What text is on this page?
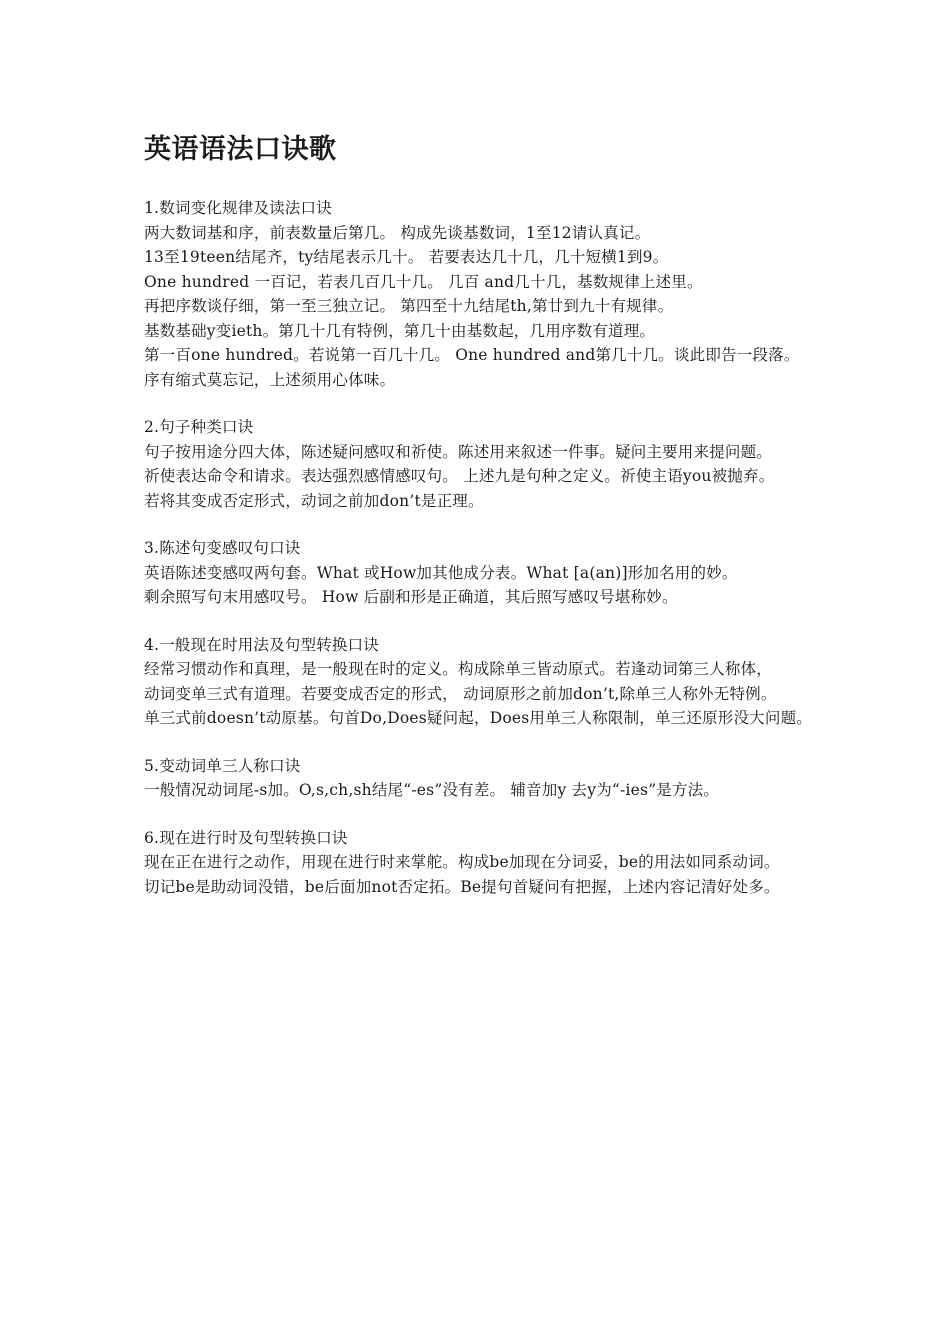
英语语法口诀歌

1.数词变化规律及读法口诀

两大数词基和序，前表数量后第几。 构成先谈基数词，1至12请认真记。

13至19teen结尾齐，ty结尾表示几十。 若要表达几十几，几十短横1到9。

One hundred 一百记，若表几百几十几。 几百 and几十几，基数规律上述里。

再把序数谈仔细，第一至三独立记。 第四至十九结尾th,第廿到九十有规律。

基数基础y变ieth。第几十几有特例，第几十由基数起，几用序数有道理。

第一百one hundred。若说第一百几十几。 One hundred and第几十几。谈此即告一段落。

序有缩式莫忘记，上述须用心体味。

2.句子种类口诀

句子按用途分四大体，陈述疑问感叹和祈使。陈述用来叙述一件事。疑问主要用来提问题。

祈使表达命令和请求。表达强烈感情感叹句。 上述九是句种之定义。祈使主语you被抛弃。

若将其变成否定形式，动词之前加don’t是正理。

3.陈述句变感叹句口诀

英语陈述变感叹两句套。What 或How加其他成分表。What [a(an)]形加名用的妙。

剩余照写句末用感叹号。 How 后副和形是正确道，其后照写感叹号堪称妙。

4.一般现在时用法及句型转换口诀

经常习惯动作和真理，是一般现在时的定义。构成除单三皆动原式。若逢动词第三人称体，

动词变单三式有道理。若要变成否定的形式， 动词原形之前加don’t,除单三人称外无特例。

单三式前doesn’t动原基。句首Do,Does疑问起，Does用单三人称限制，单三还原形没大问题。

5.变动词单三人称口诀

一般情况动词尾-s加。O,s,ch,sh结尾“-es”没有差。 辅音加y 去y为“-ies”是方法。

6.现在进行时及句型转换口诀

现在正在进行之动作，用现在进行时来掌舵。构成be加现在分词妥，be的用法如同系动词。

切记be是助动词没错，be后面加not否定拓。Be提句首疑问有把握，上述内容记清好处多。
